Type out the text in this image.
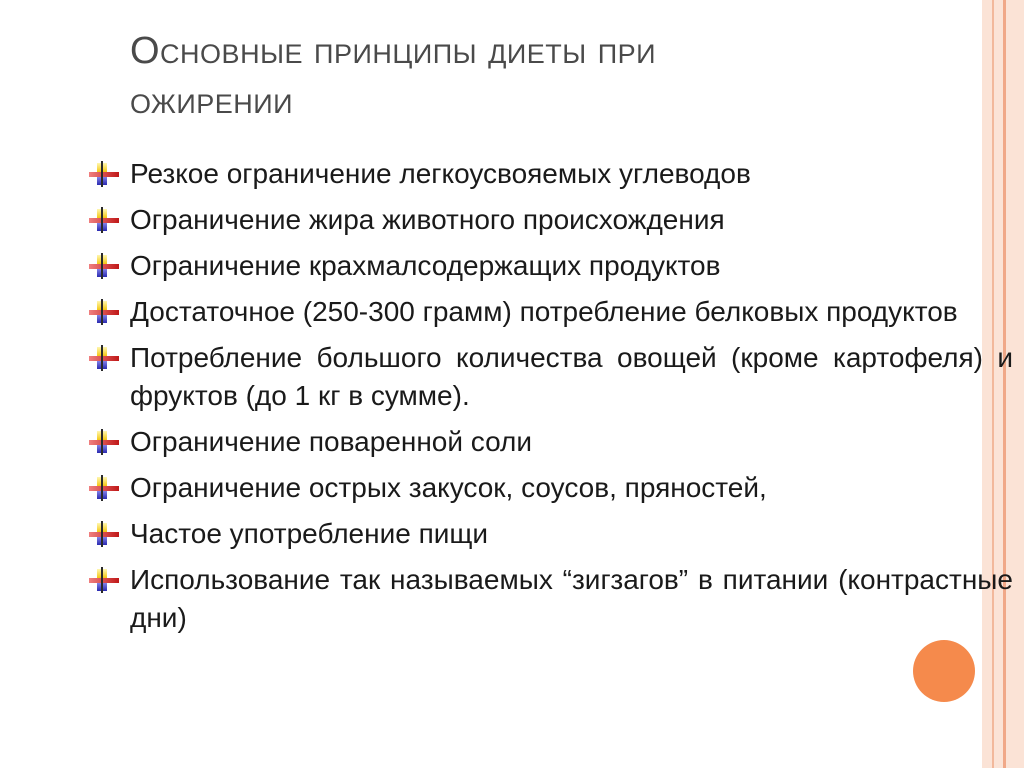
Основные принципы диеты при
ожирении
Резкое ограничение легкоусвояемых углеводов
Ограничение жира животного происхождения
Ограничение крахмалсодержащих продуктов
Достаточное (250-300 грамм) потребление белковых продуктов
Потребление большого количества овощей (кроме картофеля) и фруктов (до 1 кг в сумме).
Ограничение поваренной соли
Ограничение острых закусок, соусов, пряностей,
Частое употребление пищи
Использование так называемых “зигзагов” в питании (контрастные дни)
